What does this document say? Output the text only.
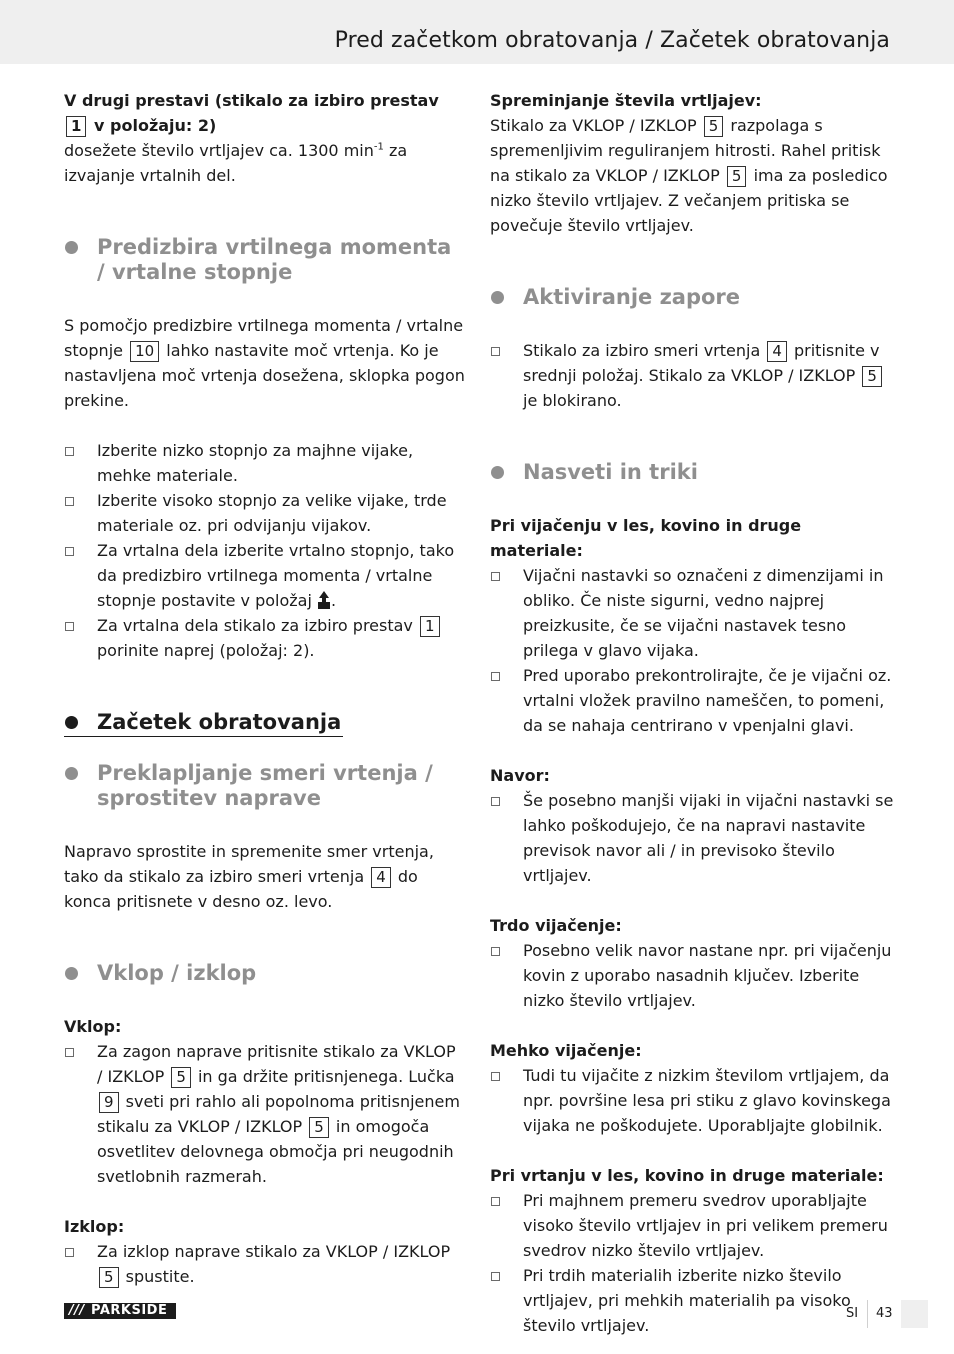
Pred začetkom obratovanja / Začetek obratovanja

V drugi prestavi (stikalo za izbiro prestav 1 v položaju: 2)

dosežete število vrtljajev ca. 1300 $\min^{-1}$ za izvajanje vrtalnih del.

Predizbira vrtilnega momenta / vrtalne stopnje

S pomočjo predizbire vrtilnega momenta / vrtalne stopnje 10 lahko nastavite moč vrtenja. Ko je nastavljena moč vrtenja dosežena, sklopka pogon prekine.

Izberite nizko stopnjo za majhne vijake, mehke materiale.
Izberite visoko stopnjo za velike vijake, trde materiale oz. pri odvijanju vijakov.
Za vrtalna dela izberite vrtalno stopnjo, tako da predizbiro vrtilnega momenta / vrtalne stopnje postavite v položaj .
Za vrtalna dela stikalo za izbiro prestav 1 porinite naprej (položaj: 2).
Začetek obratovanja
Preklapljanje smeri vrtenja / sprostitev naprave

Napravo sprostite in spremenite smer vrtenja, tako da stikalo za izbiro smeri vrtenja 4 do konca pritisnete v desno oz. levo.

Vklop / izklop

Vklop:

Za zagon naprave pritisnite stikalo za VKLOP / IZKLOP 5 in ga držite pritisnjenega. Lučka 9 sveti pri rahlo ali popolnoma pritisnjenem stikalu za VKLOP / IZKLOP 5 in omogoča osvetlitev delovnega območja pri neugodnih svetlobnih razmerah.

Izklop:

Za izklop naprave stikalo za VKLOP / IZKLOP 5 spustite.

Spreminjanje števila vrtljajev:

Stikalo za VKLOP / IZKLOP 5 razpolaga s spremenljivim reguliranjem hitrosti. Rahel pritisk na stikalo za VKLOP / IZKLOP 5 ima za posledico nizko število vrtljajev. Z večanjem pritiska se povečuje število vrtljajev.

Aktiviranje zapore
Stikalo za izbiro smeri vrtenja 4 pritisnite v srednji položaj. Stikalo za VKLOP / IZKLOP 5 je blokirano.
Nasveti in triki

Pri vijačenju v les, kovino in druge materiale:

Vijačni nastavki so označeni z dimenzijami in obliko. Če niste sigurni, vedno najprej preizkusite, če se vijačni nastavek tesno prilega v glavo vijaka.
Pred uporabo prekontrolirajte, če je vijačni oz. vrtalni vložek pravilno nameščen, to pomeni, da se nahaja centrirano v vpenjalni glavi.

Navor:

Še posebno manjši vijaki in vijačni nastavki se lahko poškodujejo, če na napravi nastavite previsok navor ali / in previsoko število vrtljajev.

Trdo vijačenje:

Posebno velik navor nastane npr. pri vijačenju kovin z uporabo nasadnih ključev. Izberite nizko število vrtljajev.

Mehko vijačenje:

Tudi tu vijačite z nizkim številom vrtljajem, da npr. površine lesa pri stiku z glavo kovinskega vijaka ne poškodujete. Uporabljajte globilnik.

Pri vrtanju v les, kovino in druge materiale:

Pri majhnem premeru svedrov uporabljajte visoko število vrtljajev in pri velikem premeru svedrov nizko število vrtljajev.
Pri trdih materialih izberite nizko število vrtljajev, pri mehkih materialih pa visoko število vrtljajev.
/// PARKSIDE	SI 43
